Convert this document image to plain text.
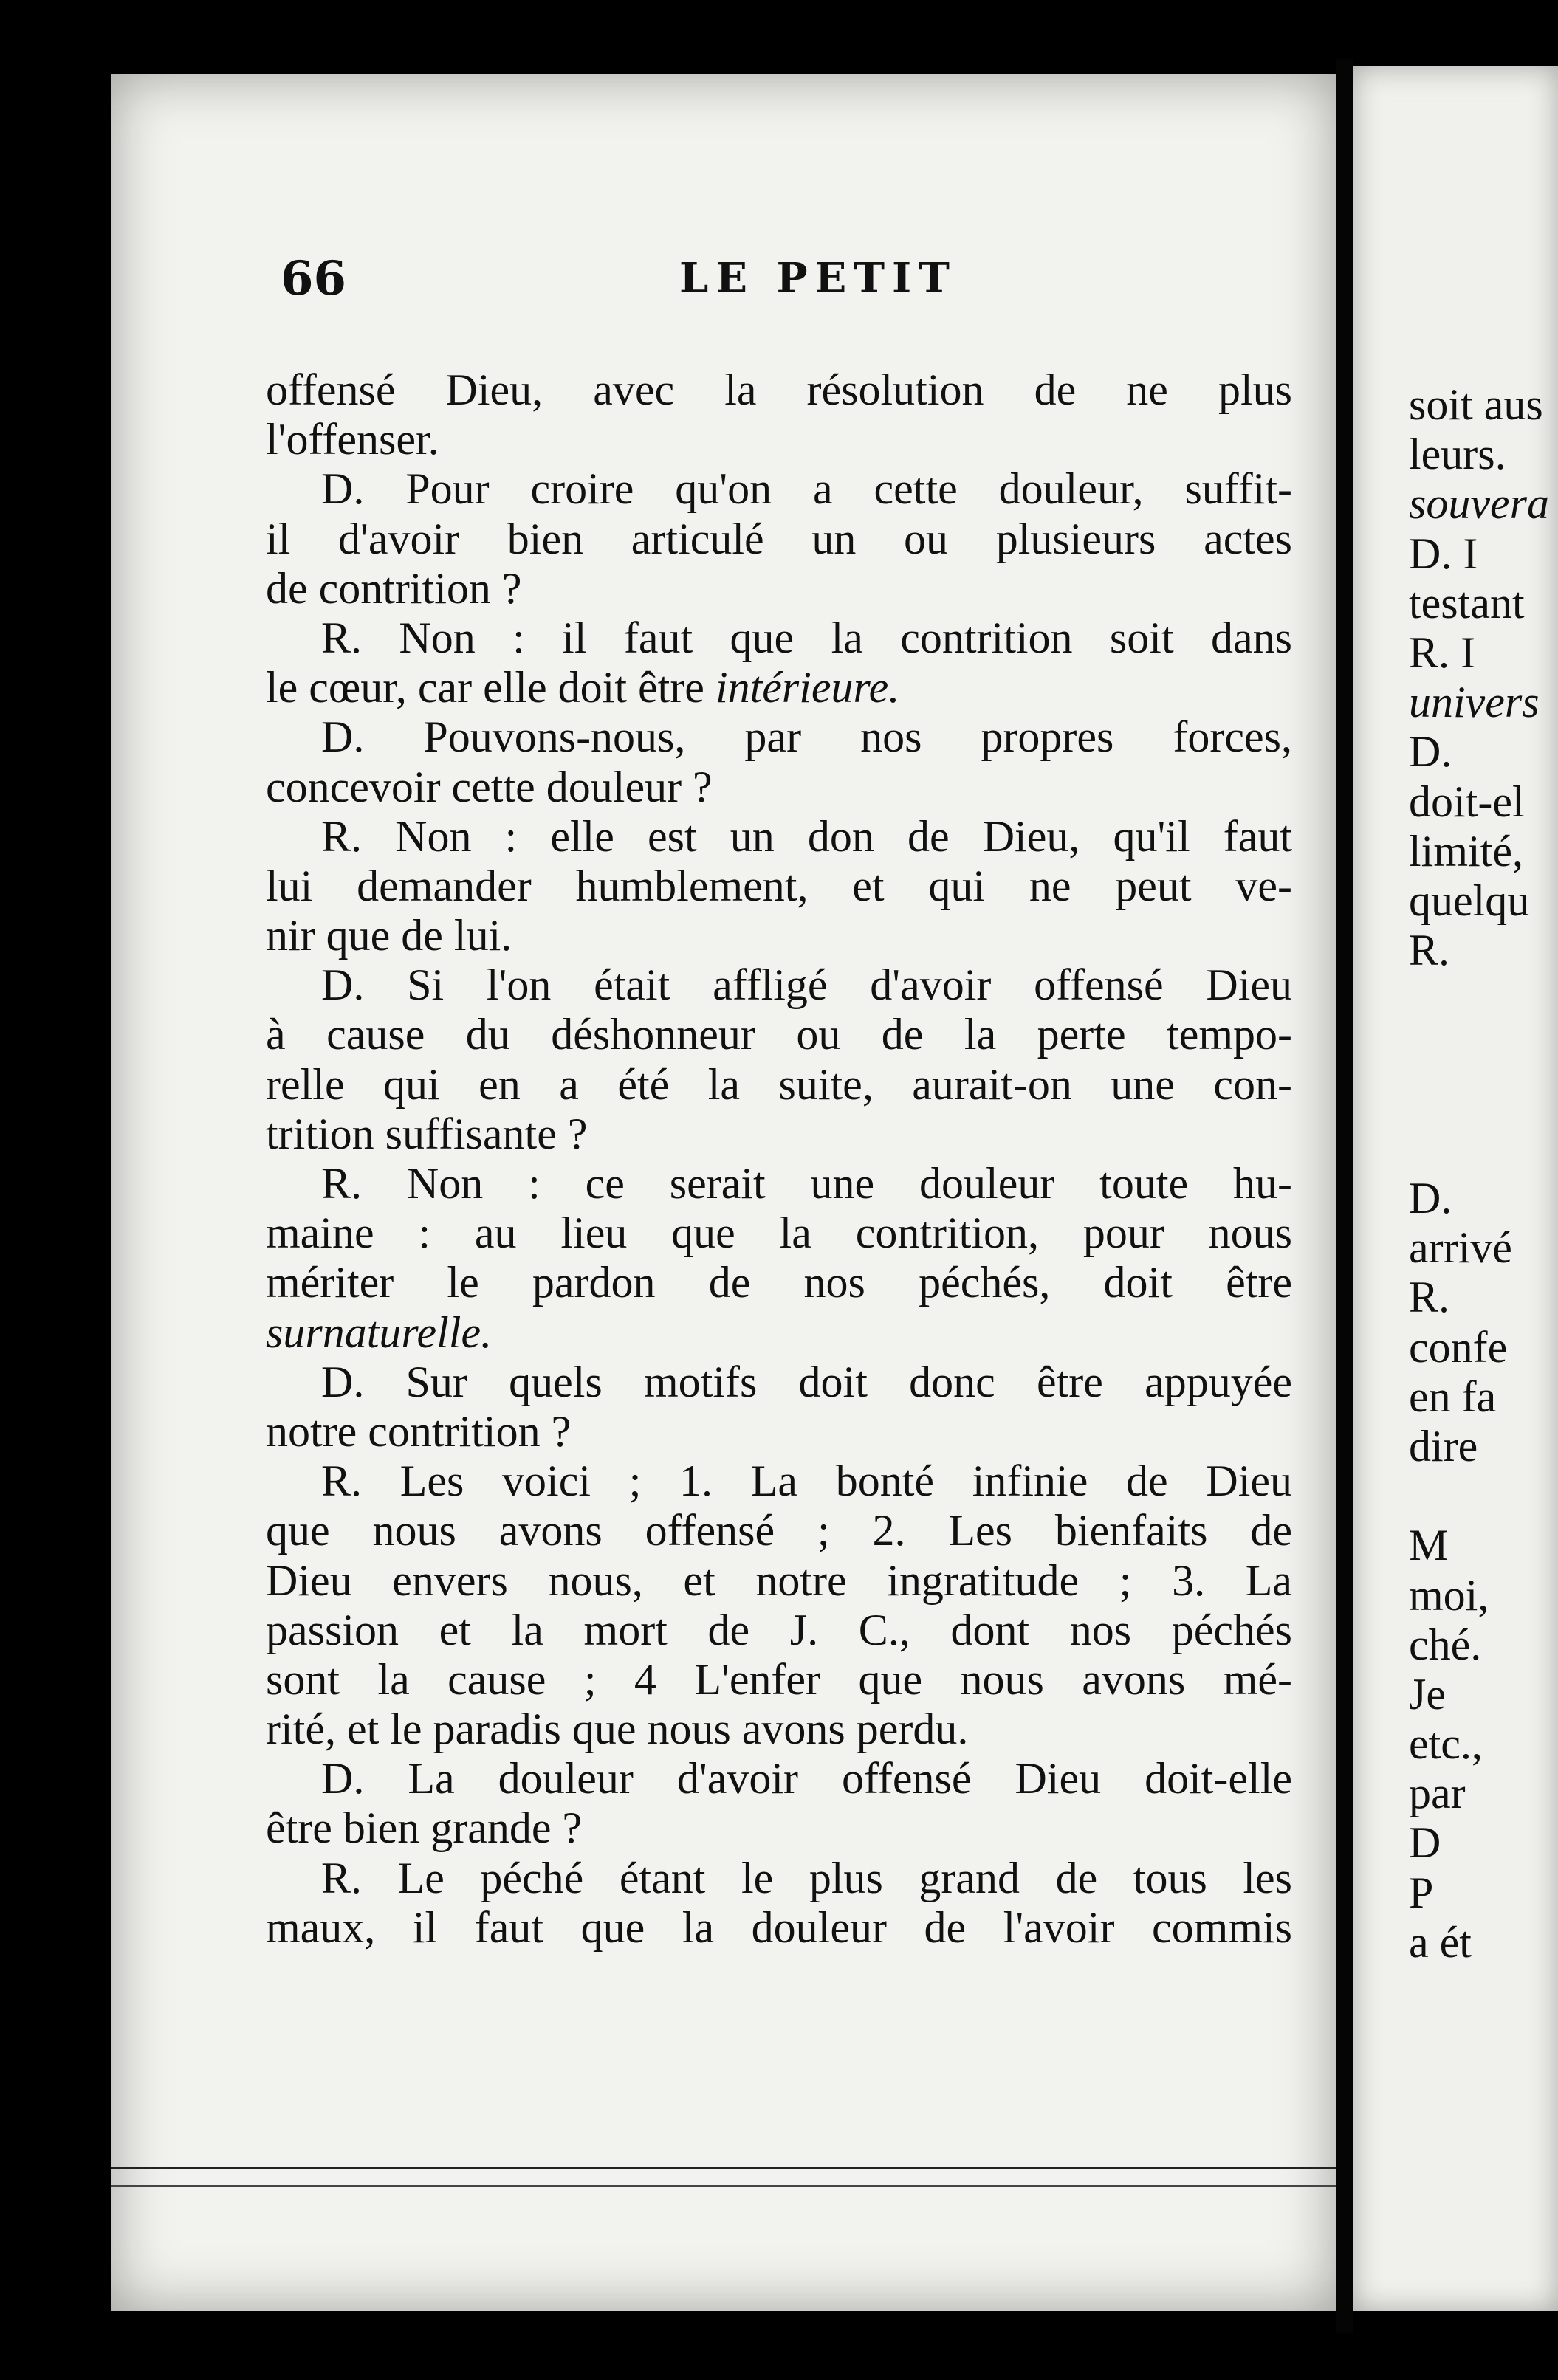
66	LE PETIT
offensé Dieu, avec la résolution de ne plus
l'offenser.
D. Pour croire qu'on a cette douleur, suffit-
il d'avoir bien articulé un ou plusieurs actes
de contrition ?
R. Non : il faut que la contrition soit dans
le cœur, car elle doit être intérieure.
D. Pouvons-nous, par nos propres forces,
concevoir cette douleur ?
R. Non : elle est un don de Dieu, qu'il faut
lui demander humblement, et qui ne peut ve-
nir que de lui.
D. Si l'on était affligé d'avoir offensé Dieu
à cause du déshonneur ou de la perte tempo-
relle qui en a été la suite, aurait-on une con-
trition suffisante ?
R. Non : ce serait une douleur toute hu-
maine : au lieu que la contrition, pour nous
mériter le pardon de nos péchés, doit être
surnaturelle.
D. Sur quels motifs doit donc être appuyée
notre contrition ?
R. Les voici ; 1. La bonté infinie de Dieu
que nous avons offensé ; 2. Les bienfaits de
Dieu envers nous, et notre ingratitude ; 3. La
passion et la mort de J. C., dont nos péchés
sont la cause ; 4 L'enfer que nous avons mé-
rité, et le paradis que nous avons perdu.
D. La douleur d'avoir offensé Dieu doit-elle
être bien grande ?
R. Le péché étant le plus grand de tous les
maux, il faut que la douleur de l'avoir commis
soit aus
leurs.
souvera
D. I
testant
R. I
univers
D.
doit-el
limité,
quelqu
R.
D.
arrivé
R.
confe
en fa
dire
M
moi,
ché.
Je
etc.,
par
D
P
a ét
